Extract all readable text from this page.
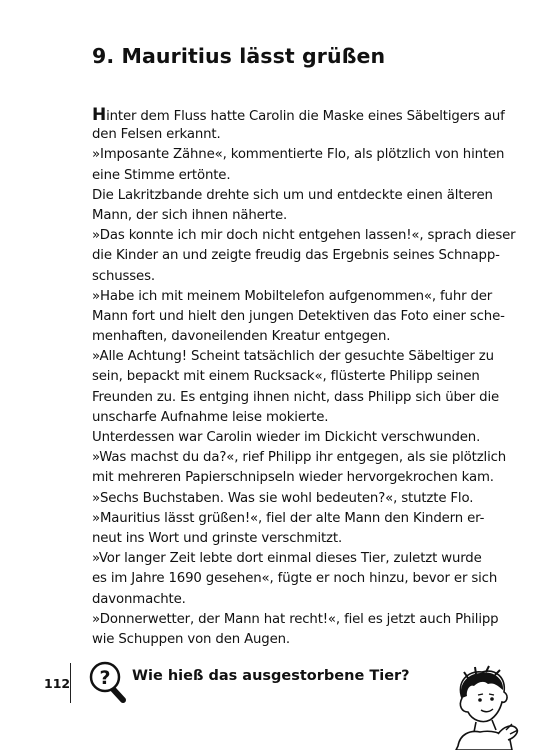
9. Mauritius lässt grüßen
Hinter dem Fluss hatte Carolin die Maske eines Säbeltigers auf
den Felsen erkannt.
»Imposante Zähne«, kommentierte Flo, als plötzlich von hinten
eine Stimme ertönte.
Die Lakritzbande drehte sich um und entdeckte einen älteren
Mann, der sich ihnen näherte.
»Das konnte ich mir doch nicht entgehen lassen!«, sprach dieser
die Kinder an und zeigte freudig das Ergebnis seines Schnapp-
schusses.
»Habe ich mit meinem Mobiltelefon aufgenommen«, fuhr der
Mann fort und hielt den jungen Detektiven das Foto einer sche-
menhaften, davoneilenden Kreatur entgegen.
»Alle Achtung! Scheint tatsächlich der gesuchte Säbeltiger zu
sein, bepackt mit einem Rucksack«, flüsterte Philipp seinen
Freunden zu. Es entging ihnen nicht, dass Philipp sich über die
unscharfe Aufnahme leise mokierte.
Unterdessen war Carolin wieder im Dickicht verschwunden.
»Was machst du da?«, rief Philipp ihr entgegen, als sie plötzlich
mit mehreren Papierschnipseln wieder hervorgekrochen kam.
»Sechs Buchstaben. Was sie wohl bedeuten?«, stutzte Flo.
»Mauritius lässt grüßen!«, fiel der alte Mann den Kindern er-
neut ins Wort und grinste verschmitzt.
»Vor langer Zeit lebte dort einmal dieses Tier, zuletzt wurde
es im Jahre 1690 gesehen«, fügte er noch hinzu, bevor er sich
davonmachte.
»Donnerwetter, der Mann hat recht!«, fiel es jetzt auch Philipp
wie Schuppen von den Augen.
112 ? Wie hieß das ausgestorbene Tier?
